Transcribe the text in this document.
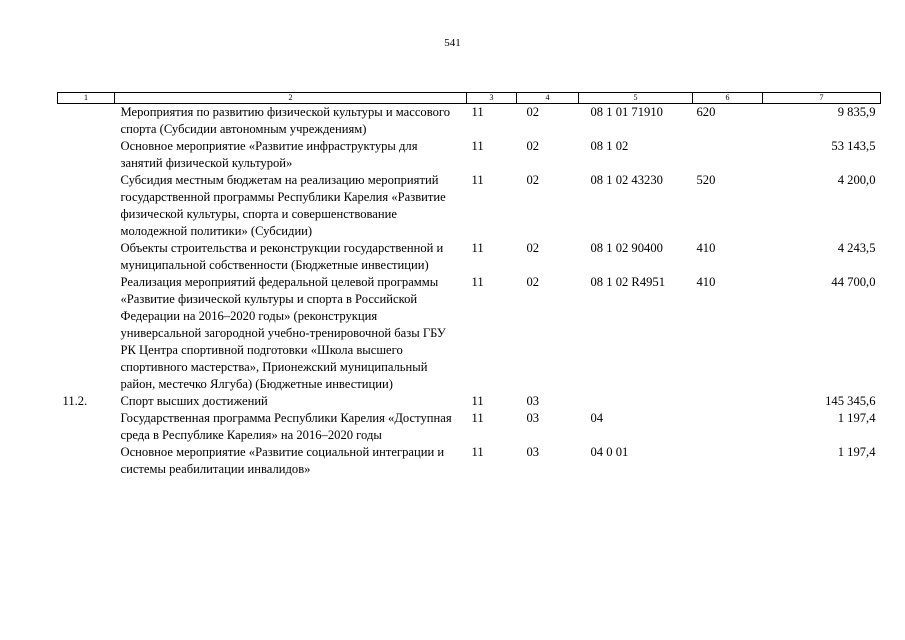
541
1	2	3	4	5	6	7
	Мероприятия по развитию физической культуры и массового спорта (Субсидии автономным учреждениям)	11	02	08 1 01 71910	620	9 835,9
	Основное мероприятие «Развитие инфраструктуры для занятий физической культурой»	11	02	08 1 02		53 143,5
	Субсидия местным бюджетам на реализацию мероприятий государственной программы Республики Карелия «Развитие физической культуры, спорта и совершенствование молодежной политики» (Субсидии)	11	02	08 1 02 43230	520	4 200,0
	Объекты строительства и реконструкции государственной и муниципальной собственности (Бюджетные инвестиции)	11	02	08 1 02 90400	410	4 243,5
	Реализация мероприятий федеральной целевой программы «Развитие физической культуры и спорта в Российской Федерации на 2016–2020 годы» (реконструкция универсальной загородной учебно-тренировочной базы ГБУ РК Центра спортивной подготовки «Школа высшего спортивного мастерства», Прионежский муниципальный район, местечко Ялгуба) (Бюджетные инвестиции)	11	02	08 1 02 R4951	410	44 700,0
11.2.	Спорт высших достижений	11	03			145 345,6
	Государственная программа Республики Карелия «Доступная среда в Республике Карелия» на 2016–2020 годы	11	03	04		1 197,4
	Основное мероприятие «Развитие социальной интеграции и системы реабилитации инвалидов»	11	03	04 0 01		1 197,4
